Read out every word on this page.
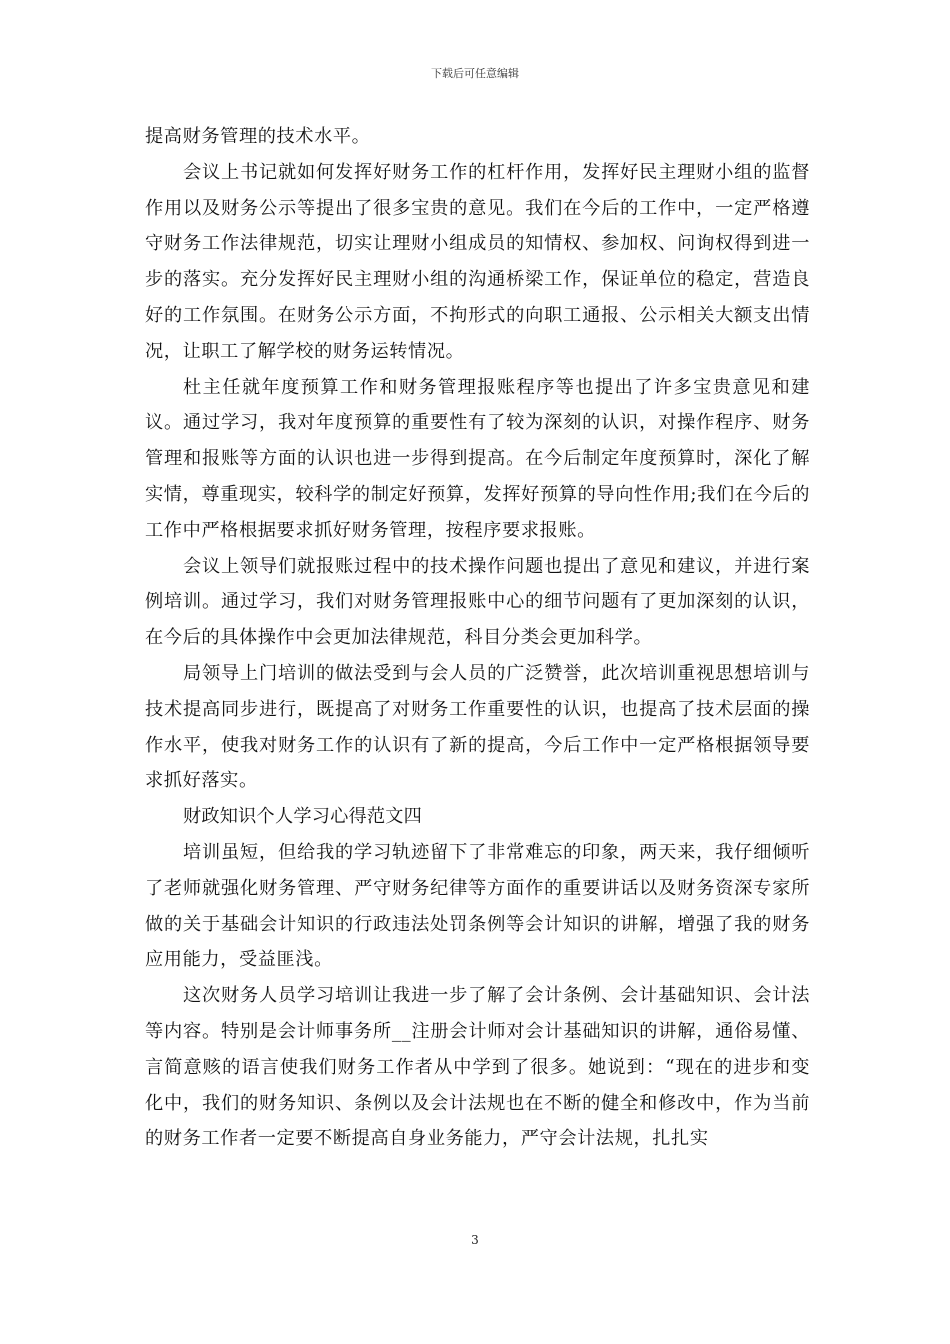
下载后可任意编辑

提高财务管理的技术水平。

会议上书记就如何发挥好财务工作的杠杆作用，发挥好民主理财小组的监督作用以及财务公示等提出了很多宝贵的意见。我们在今后的工作中，一定严格遵守财务工作法律规范，切实让理财小组成员的知情权、参加权、问询权得到进一步的落实。充分发挥好民主理财小组的沟通桥梁工作，保证单位的稳定，营造良好的工作氛围。在财务公示方面，不拘形式的向职工通报、公示相关大额支出情况，让职工了解学校的财务运转情况。

杜主任就年度预算工作和财务管理报账程序等也提出了许多宝贵意见和建议。通过学习，我对年度预算的重要性有了较为深刻的认识，对操作程序、财务管理和报账等方面的认识也进一步得到提高。在今后制定年度预算时，深化了解实情，尊重现实，较科学的制定好预算，发挥好预算的导向性作用;我们在今后的工作中严格根据要求抓好财务管理，按程序要求报账。

会议上领导们就报账过程中的技术操作问题也提出了意见和建议，并进行案例培训。通过学习，我们对财务管理报账中心的细节问题有了更加深刻的认识，在今后的具体操作中会更加法律规范，科目分类会更加科学。

局领导上门培训的做法受到与会人员的广泛赞誉，此次培训重视思想培训与技术提高同步进行，既提高了对财务工作重要性的认识，也提高了技术层面的操作水平，使我对财务工作的认识有了新的提高，今后工作中一定严格根据领导要求抓好落实。

财政知识个人学习心得范文四

培训虽短，但给我的学习轨迹留下了非常难忘的印象，两天来，我仔细倾听了老师就强化财务管理、严守财务纪律等方面作的重要讲话以及财务资深专家所做的关于基础会计知识的行政违法处罚条例等会计知识的讲解，增强了我的财务应用能力，受益匪浅。

这次财务人员学习培训让我进一步了解了会计条例、会计基础知识、会计法等内容。特别是会计师事务所__注册会计师对会计基础知识的讲解，通俗易懂、言简意赅的语言使我们财务工作者从中学到了很多。她说到：“现在的进步和变化中，我们的财务知识、条例以及会计法规也在不断的健全和修改中，作为当前的财务工作者一定要不断提高自身业务能力，严守会计法规，扎扎实

3
